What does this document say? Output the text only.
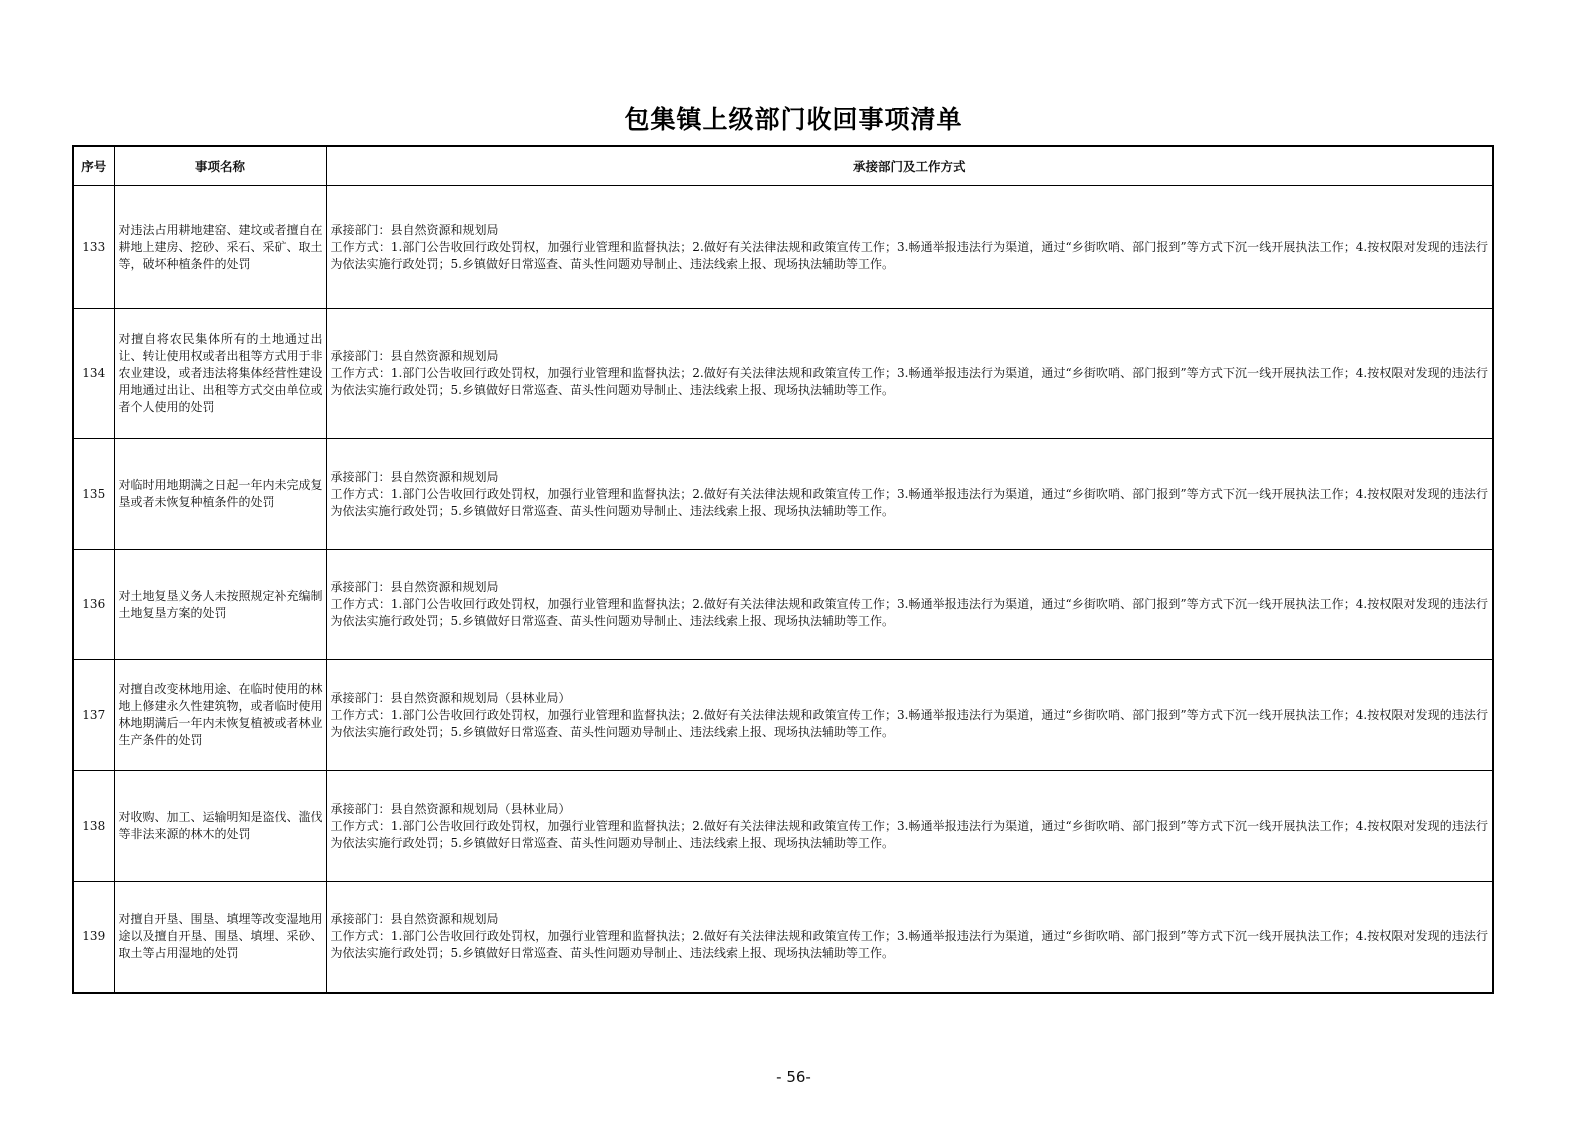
包集镇上级部门收回事项清单
序号	事项名称	承接部门及工作方式
133	对违法占用耕地建窑、建坟或者擅自在耕地上建房、挖砂、采石、采矿、取土等，破坏种植条件的处罚	承接部门：县自然资源和规划局
工作方式：1.部门公告收回行政处罚权，加强行业管理和监督执法；2.做好有关法律法规和政策宣传工作；3.畅通举报违法行为渠道，通过“乡街吹哨、部门报到”等方式下沉一线开展执法工作；4.按权限对发现的违法行为依法实施行政处罚；5.乡镇做好日常巡查、苗头性问题劝导制止、违法线索上报、现场执法辅助等工作。

134	对擅自将农民集体所有的土地通过出让、转让使用权或者出租等方式用于非农业建设，或者违法将集体经营性建设用地通过出让、出租等方式交由单位或者个人使用的处罚	承接部门：县自然资源和规划局
工作方式：1.部门公告收回行政处罚权，加强行业管理和监督执法；2.做好有关法律法规和政策宣传工作；3.畅通举报违法行为渠道，通过“乡街吹哨、部门报到”等方式下沉一线开展执法工作；4.按权限对发现的违法行为依法实施行政处罚；5.乡镇做好日常巡查、苗头性问题劝导制止、违法线索上报、现场执法辅助等工作。

135	对临时用地期满之日起一年内未完成复垦或者未恢复种植条件的处罚	承接部门：县自然资源和规划局
工作方式：1.部门公告收回行政处罚权，加强行业管理和监督执法；2.做好有关法律法规和政策宣传工作；3.畅通举报违法行为渠道，通过“乡街吹哨、部门报到”等方式下沉一线开展执法工作；4.按权限对发现的违法行为依法实施行政处罚；5.乡镇做好日常巡查、苗头性问题劝导制止、违法线索上报、现场执法辅助等工作。

136	对土地复垦义务人未按照规定补充编制土地复垦方案的处罚	承接部门：县自然资源和规划局
工作方式：1.部门公告收回行政处罚权，加强行业管理和监督执法；2.做好有关法律法规和政策宣传工作；3.畅通举报违法行为渠道，通过“乡街吹哨、部门报到”等方式下沉一线开展执法工作；4.按权限对发现的违法行为依法实施行政处罚；5.乡镇做好日常巡查、苗头性问题劝导制止、违法线索上报、现场执法辅助等工作。

137	对擅自改变林地用途、在临时使用的林地上修建永久性建筑物，或者临时使用林地期满后一年内未恢复植被或者林业生产条件的处罚	承接部门：县自然资源和规划局（县林业局）
工作方式：1.部门公告收回行政处罚权，加强行业管理和监督执法；2.做好有关法律法规和政策宣传工作；3.畅通举报违法行为渠道，通过“乡街吹哨、部门报到”等方式下沉一线开展执法工作；4.按权限对发现的违法行为依法实施行政处罚；5.乡镇做好日常巡查、苗头性问题劝导制止、违法线索上报、现场执法辅助等工作。

138	对收购、加工、运输明知是盗伐、滥伐等非法来源的林木的处罚	承接部门：县自然资源和规划局（县林业局）
工作方式：1.部门公告收回行政处罚权，加强行业管理和监督执法；2.做好有关法律法规和政策宣传工作；3.畅通举报违法行为渠道，通过“乡街吹哨、部门报到”等方式下沉一线开展执法工作；4.按权限对发现的违法行为依法实施行政处罚；5.乡镇做好日常巡查、苗头性问题劝导制止、违法线索上报、现场执法辅助等工作。

139	对擅自开垦、围垦、填埋等改变湿地用途以及擅自开垦、围垦、填埋、采砂、取土等占用湿地的处罚	承接部门：县自然资源和规划局
工作方式：1.部门公告收回行政处罚权，加强行业管理和监督执法；2.做好有关法律法规和政策宣传工作；3.畅通举报违法行为渠道，通过“乡街吹哨、部门报到”等方式下沉一线开展执法工作；4.按权限对发现的违法行为依法实施行政处罚；5.乡镇做好日常巡查、苗头性问题劝导制止、违法线索上报、现场执法辅助等工作。
- 56-
